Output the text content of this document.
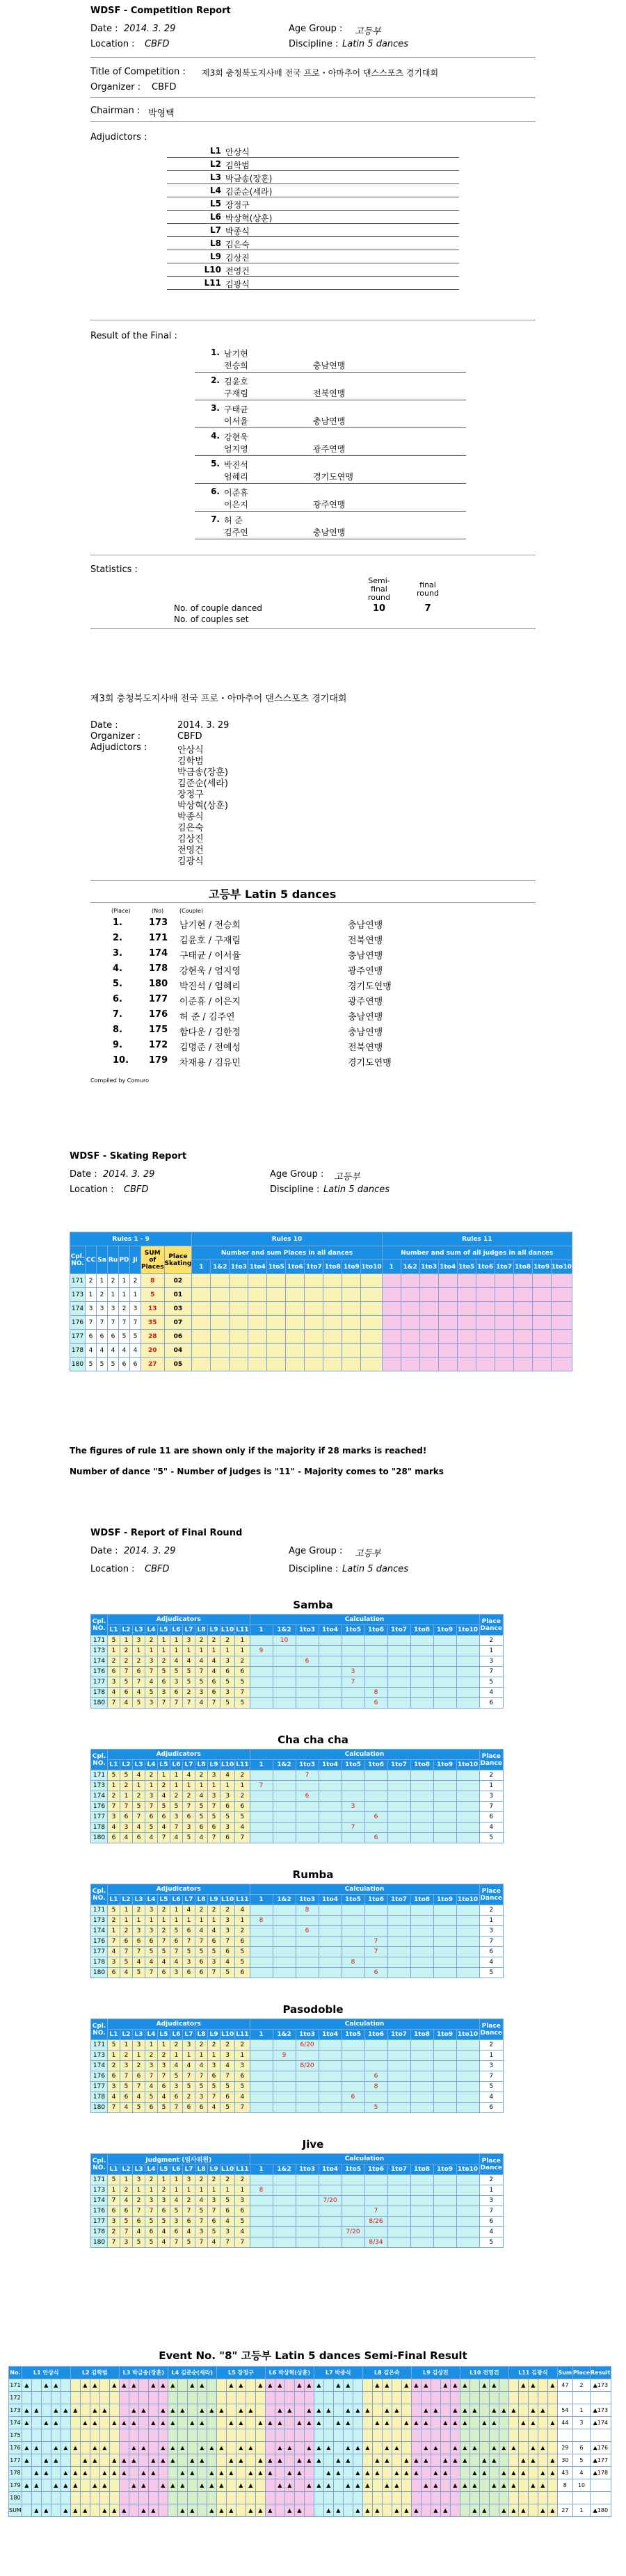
WDSF - Competition Report
Date : 2014. 3. 29	Age Group : 고등부
Location : CBFD	Discipline : Latin 5 dances
Title of Competition : 제3회 충청북도지사배 전국 프로・아마추어 댄스스포츠 경기대회
Organizer : CBFD
Chairman : 박영택
Adjudictors :
L1 안상식
L2 김학범
L3 박금송(장훈)
L4 김준순(세라)
L5 장정구
L6 박상혁(상훈)
L7 박종식
L8 김은숙
L9 김상진
L10 전영건
L11 김광식
Result of the Final :
1. 남기현
전승희	충남연맹
2. 김윤호
구재림	전북연맹
3. 구태균
이서율	충남연맹
4. 강현욱
엄지영	광주연맹
5. 박진석
엄혜리	경기도연맹
6. 이준휴
이은지	광주연맹
7. 허 준
김주연	충남연맹
Statistics :
Semi- final round
final round
No. of couple danced
No. of couples set
10	7
제3회 충청북도지사배 전국 프로・아마추어 댄스스포츠 경기대회
Date :	2014. 3. 29
Organizer :	CBFD
Adjudictors :	안상식
김학범
박금송(장훈)
김준순(세라)
장정구
박상혁(상훈)
박종식
김은숙
김상진
전영건
김광식
고등부 Latin 5 dances
(Place)	(No)	(Couple)
1.	173 남기현 / 전승희	충남연맹
2.	171 김윤호 / 구재림	전북연맹
3.	174 구태균 / 이서율	충남연맹
4.	178 강현욱 / 엄지영	광주연맹
5.	180 박진석 / 엄혜리	경기도연맹
6.	177 이준휴 / 이은지	광주연맹
7.	176 허 준 / 김주연	충남연맹
8.	175 함다운 / 김한정	충남연맹
9.	172 김명준 / 전예성	전북연맹
10. 179 차재용 / 김유민	경기도연맹
Compiled by Comuro
WDSF - Skating Report
Date : 2014. 3. 29	Age Group : 고등부
Location : CBFD	Discipline : Latin 5 dances
Rules 1 - 9								Rules 10										Rules 11									
Cpl. NO.	CC	Sa	Ru	PD	Ji	SUM of Places	Place Skating	Number and sum Places in all dances										Number and sum of all judges in all dances									
								1	1&2	1to3	1to4	1to5	1to6	1to7	1to8	1to9	1to10	1	1&2	1to3	1to4	1to5	1to6	1to7	1to8	1to9	1to10
171	2	1	2	1	2	8	02																				
173	1	2	1	1	1	5	01																				
174	3	3	3	2	3	13	03																				
176	7	7	7	7	7	35	07																				
177	6	6	6	5	5	28	06																				
178	4	4	4	4	4	20	04																				
180	5	5	5	6	6	27	05																				
The figures of rule 11 are shown only if the majority if 28 marks is reached!
Number of dance "5" - Number of judges is "11" - Majority comes to "28" marks
WDSF - Report of Final Round
Date : 2014. 3. 29	Age Group : 고등부
Location : CBFD	Discipline : Latin 5 dances
Samba
Cpl. NO.	Adjudicators											Calculation										Place Dance
	L1	L2	L3	L4	L5	L6	L7	L8	L9	L10	L11	1	1&2	1to3	1to4	1to5	1to6	1to7	1to8	1to9	1to10	
171	5	1	3	2	1	1	3	2	2	2	1		10									2
173	1	2	1	1	1	1	1	1	1	1	1	9										1
174	2	2	2	3	2	4	4	4	4	3	2			6								3
176	6	7	6	7	5	5	5	7	4	6	6					3						7
177	3	5	7	4	6	3	5	5	6	5	5					7						5
178	4	6	4	5	3	6	2	3	6	3	7						8					4
180	7	4	5	3	7	7	7	4	7	5	5						6					6
Cha cha cha
Cpl. NO.	Adjudicators											Calculation										Place Dance
	L1	L2	L3	L4	L5	L6	L7	L8	L9	L10	L11	1	1&2	1to3	1to4	1to5	1to6	1to7	1to8	1to9	1to10	
171	5	5	4	2	1	1	4	2	3	4	2			7								2
173	1	2	1	1	2	1	1	1	1	1	1	7										1
174	2	1	2	3	4	2	2	4	3	3	2			6								3
176	7	7	5	7	5	5	7	5	7	6	6					3						7
177	3	6	7	6	6	3	6	5	5	5	5						6					6
178	4	3	4	5	4	7	3	6	6	3	4					7						4
180	6	4	6	4	7	4	5	4	7	6	7						6					5
Rumba
Cpl. NO.	Adjudicators											Calculation										Place Dance
	L1	L2	L3	L4	L5	L6	L7	L8	L9	L10	L11	1	1&2	1to3	1to4	1to5	1to6	1to7	1to8	1to9	1to10	
171	5	1	2	3	2	1	4	2	2	2	4			8								2
173	2	1	1	1	1	1	1	1	1	3	1	8										1
174	1	2	3	3	2	5	6	4	4	3	2			6								3
176	7	6	6	6	7	6	7	7	6	7	6						7					7
177	4	7	7	5	5	7	5	5	5	6	5						7					6
178	3	5	4	4	4	4	3	6	3	4	5					8						4
180	6	4	5	7	6	3	6	6	7	5	6						6					5
Pasodoble
Cpl. NO.	Adjudicators											Calculation										Place Dance
	L1	L2	L3	L4	L5	L6	L7	L8	L9	L10	L11	1	1&2	1to3	1to4	1to5	1to6	1to7	1to8	1to9	1to10	
171	5	1	3	1	1	2	3	2	2	2	2			6/20								2
173	1	2	1	2	2	1	1	1	1	3	1		9									1
174	2	3	2	3	3	4	4	4	3	4	3			8/20								3
176	6	7	6	7	7	5	7	7	6	7	6						6					7
177	3	5	7	4	6	3	5	5	5	5	5						8					5
178	4	6	4	5	4	6	2	3	7	6	4					6						4
180	7	4	5	6	5	7	6	6	4	5	7						5					6
Jive
Cpl. NO.	Judgment (임사위원)											Calculation										Place Dance
	L1	L2	L3	L4	L5	L6	L7	L8	L9	L10	L11	1	1&2	1to3	1to4	1to5	1to6	1to7	1to8	1to9	1to10	
171	5	1	3	2	1	1	3	2	2	2	2											2
173	1	2	1	1	2	1	1	1	1	1	1	8										1
174	7	4	2	3	3	4	2	4	3	5	3				7/20							3
176	6	6	7	7	6	5	7	5	7	6	6						7					7
177	3	5	6	5	5	3	6	7	6	4	5						8/26					6
178	2	7	4	6	4	6	4	3	5	3	4					7/20						4
180	7	3	5	5	4	7	5	7	4	7	7						8/34					5
Event No. "8" 고등부 Latin 5 dances Semi-Final Result
No.	L1 안상식					L2 김학범					L3 박금송(장훈)					L4 김준순(세라)					L5 장정구					L6 박상혁(상훈)					L7 박종식					L8 김은숙					L9 김상진					L10 전영건					L11 김광식					Sum	Place	Result
171	▲		▲	▲			▲	▲		▲	▲	▲		▲	▲	▲		▲	▲			▲	▲		▲	▲	▲		▲	▲	▲		▲	▲			▲	▲		▲	▲	▲		▲	▲	▲		▲	▲			▲	▲		▲	47	2	▲173
172																																																										
173	▲	▲		▲	▲	▲		▲	▲			▲	▲		▲	▲	▲		▲	▲	▲		▲	▲			▲	▲		▲	▲	▲		▲	▲	▲		▲	▲			▲	▲		▲	▲	▲		▲	▲	▲		▲	▲		54	1	▲173
174	▲		▲	▲			▲	▲		▲	▲	▲		▲	▲	▲		▲	▲			▲	▲		▲	▲	▲		▲	▲	▲		▲	▲			▲	▲		▲	▲	▲		▲	▲	▲		▲	▲			▲	▲		▲	44	3	▲174
175																																																										
176	▲	▲		▲	▲	▲		▲	▲			▲	▲		▲	▲	▲		▲	▲	▲		▲	▲			▲	▲		▲	▲	▲		▲	▲	▲		▲	▲			▲	▲		▲	▲	▲		▲	▲	▲		▲	▲		29	6	▲176
177	▲		▲	▲			▲	▲		▲	▲	▲		▲	▲	▲		▲	▲			▲	▲		▲	▲	▲		▲	▲	▲		▲	▲			▲	▲		▲	▲	▲		▲	▲	▲		▲	▲			▲	▲		▲	30	5	▲177
178		▲	▲		▲	▲	▲		▲	▲	▲		▲	▲			▲	▲		▲	▲	▲		▲	▲	▲		▲	▲			▲	▲		▲	▲	▲		▲	▲	▲		▲	▲			▲	▲		▲	▲	▲		▲	▲	43	4	▲178
179	▲	▲		▲	▲	▲		▲	▲			▲	▲		▲	▲	▲		▲	▲	▲		▲	▲			▲	▲		▲	▲	▲		▲	▲	▲		▲	▲			▲	▲		▲	▲	▲		▲	▲	▲		▲	▲		8	10	
180																																																										
SUM		▲	▲		▲	▲	▲		▲	▲	▲		▲	▲			▲	▲		▲	▲	▲		▲	▲	▲		▲	▲			▲	▲		▲	▲	▲		▲	▲	▲		▲	▲			▲	▲		▲	▲	▲		▲	▲	27	1	▲180
